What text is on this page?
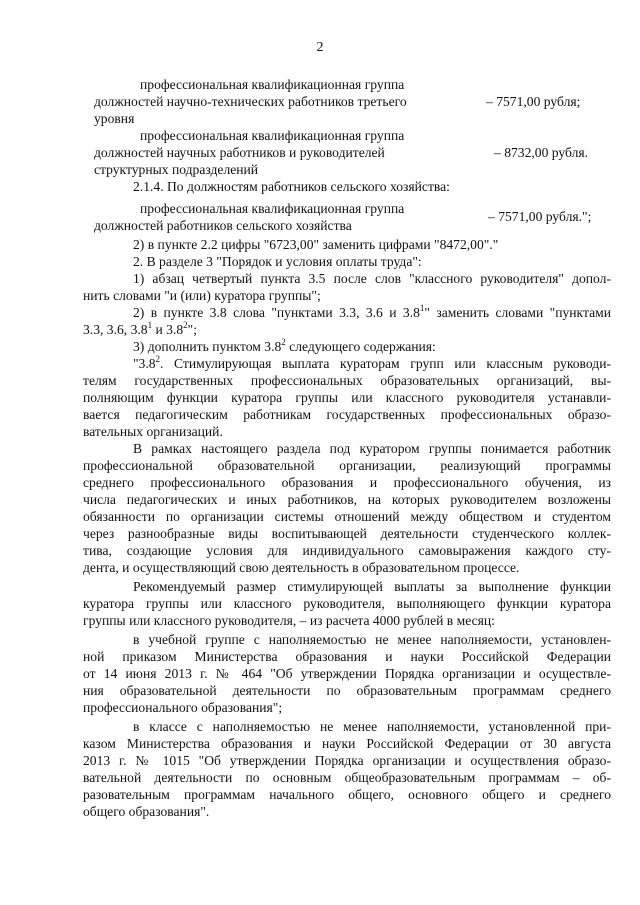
2
профессиональная квалификационная группа
должностей научно-технических работников третьего
уровня
– 7571,00 рубля;
профессиональная квалификационная группа
должностей научных работников и руководителей
структурных подразделений
– 8732,00 рубля.
2.1.4. По должностям работников сельского хозяйства:
профессиональная квалификационная группа
должностей работников сельского хозяйства
– 7571,00 рубля.";
2) в пункте 2.2 цифры "6723,00" заменить цифрами "8472,00"."
2. В разделе 3 "Порядок и условия оплаты труда":
1) абзац четвертый пункта 3.5 после слов "классного руководителя" допол-
нить словами "и (или) куратора группы";
2) в пункте 3.8 слова "пунктами 3.3, 3.6 и $3.8^1$" заменить словами "пунктами
3.3, 3.6, $3.8^1$ и $3.8^2$";
3) дополнить пунктом $3.8^2$ следующего содержания:
"$3.8^2$. Стимулирующая выплата кураторам групп или классным руководи-
телям государственных профессиональных образовательных организаций, вы-
полняющим функции куратора группы или классного руководителя устанавли-
вается педагогическим работникам государственных профессиональных образо-
вательных организаций.
В рамках настоящего раздела под куратором группы понимается работник
профессиональной образовательной организации, реализующий программы
среднего профессионального образования и профессионального обучения, из
числа педагогических и иных работников, на которых руководителем возложены
обязанности по организации системы отношений между обществом и студентом
через разнообразные виды воспитывающей деятельности студенческого коллек-
тива, создающие условия для индивидуального самовыражения каждого сту-
дента, и осуществляющий свою деятельность в образовательном процессе.
Рекомендуемый размер стимулирующей выплаты за выполнение функции
куратора группы или классного руководителя, выполняющего функции куратора
группы или классного руководителя, – из расчета 4000 рублей в месяц:
в учебной группе с наполняемостью не менее наполняемости, установлен-
ной приказом Министерства образования и науки Российской Федерации
от 14 июня 2013 г. № 464 "Об утверждении Порядка организации и осуществле-
ния образовательной деятельности по образовательным программам среднего
профессионального образования";
в классе с наполняемостью не менее наполняемости, установленной при-
казом Министерства образования и науки Российской Федерации от 30 августа
2013 г. № 1015 "Об утверждении Порядка организации и осуществления образо-
вательной деятельности по основным общеобразовательным программам – об-
разовательным программам начального общего, основного общего и среднего
общего образования".
